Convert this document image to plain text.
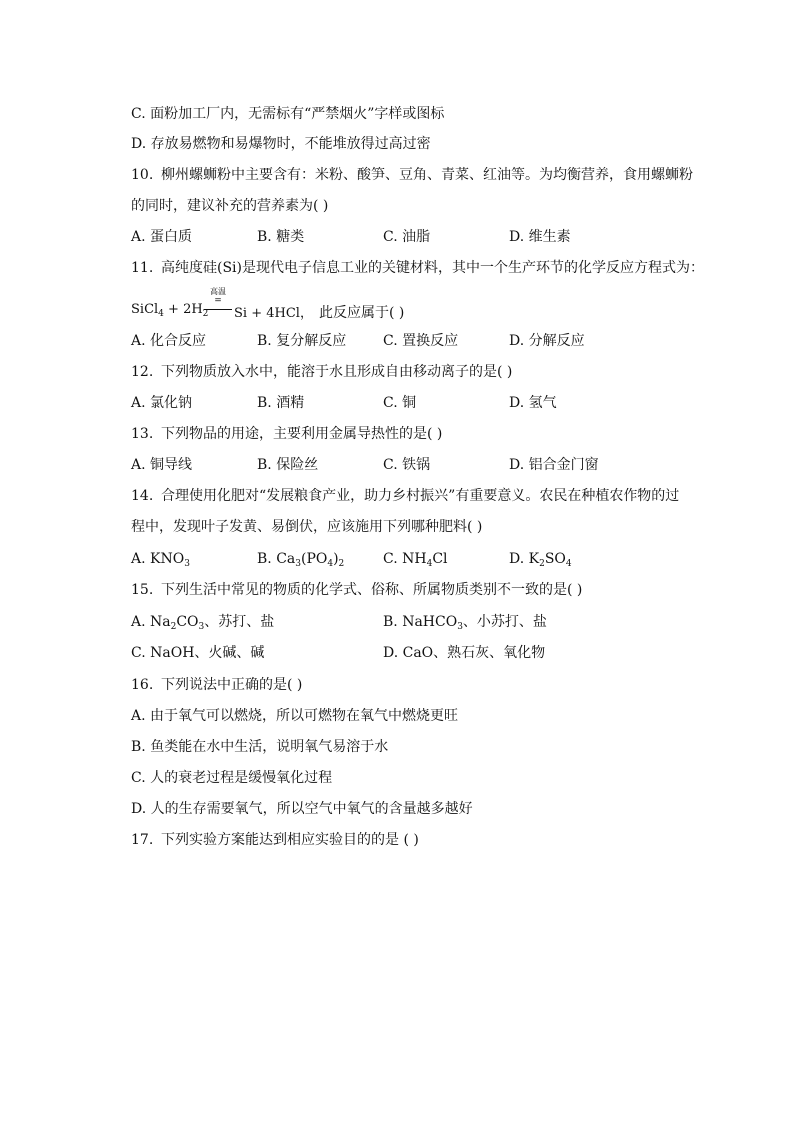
C. 面粉加工厂内，无需标有“严禁烟火”字样或图标
D. 存放易燃物和易爆物时，不能堆放得过高过密
10. 柳州螺蛳粉中主要含有：米粉、酸笋、豆角、青菜、红油等。为均衡营养，食用螺蛳粉
的同时，建议补充的营养素为( )
A. 蛋白质	B. 糖类	C. 油脂	D. 维生素
11. 高纯度硅(Si)是现代电子信息工业的关键材料，其中一个生产环节的化学反应方程式为：
SiCl$_4$ + $2H_2$
高温
=
Si + 4HCl， 此反应属于( )
A. 化合反应	B. 复分解反应	C. 置换反应	D. 分解反应
12. 下列物质放入水中，能溶于水且形成自由移动离子的是( )
A. 氯化钠	B. 酒精	C. 铜	D. 氢气
13. 下列物品的用途，主要利用金属导热性的是( )
A. 铜导线	B. 保险丝	C. 铁锅	D. 铝合金门窗
14. 合理使用化肥对“发展粮食产业，助力乡村振兴”有重要意义。农民在种植农作物的过
程中，发现叶子发黄、易倒伏，应该施用下列哪种肥料( )
A. $KNO_3$	B. $Ca_3(PO_4)_2$	C. $NH_4Cl$	D. $K_2SO_4$
15. 下列生活中常见的物质的化学式、俗称、所属物质类别不一致的是( )
A. $Na_2CO_3$、苏打、盐	B. NaHCO$_3$、小苏打、盐
C. NaOH、火碱、碱	D. CaO、熟石灰、氧化物
16. 下列说法中正确的是( )
A. 由于氧气可以燃烧，所以可燃物在氧气中燃烧更旺
B. 鱼类能在水中生活，说明氧气易溶于水
C. 人的衰老过程是缓慢氧化过程
D. 人的生存需要氧气，所以空气中氧气的含量越多越好
17. 下列实验方案能达到相应实验目的的是 ( )
